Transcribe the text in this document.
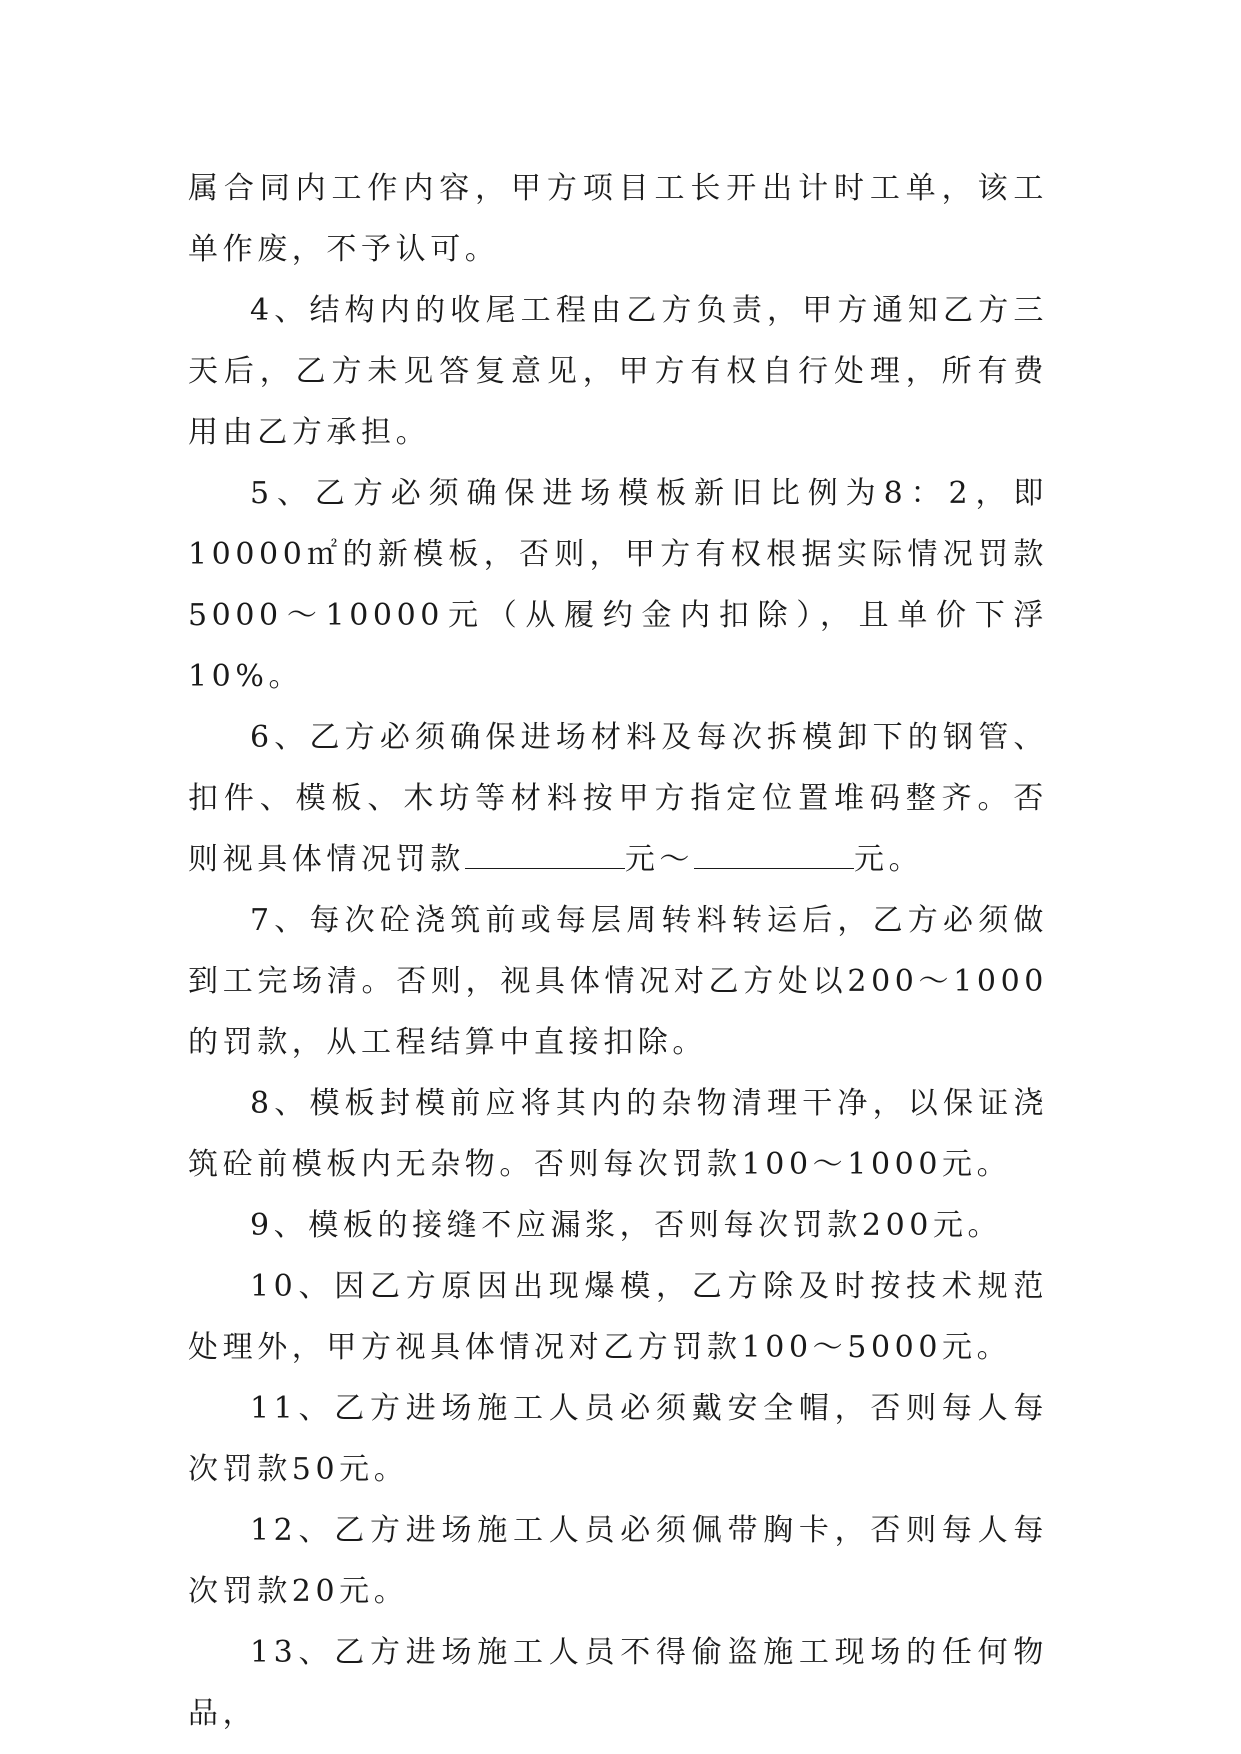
属合同内工作内容，甲方项目工长开出计时工单，该工单作废，不予认可。

4、结构内的收尾工程由乙方负责，甲方通知乙方三天后，乙方未见答复意见，甲方有权自行处理，所有费用由乙方承担。

5、乙方必须确保进场模板新旧比例为8：2，即10000㎡的新模板，否则，甲方有权根据实际情况罚款5000～10000元（从履约金内扣除），且单价下浮10%。

6、乙方必须确保进场材料及每次拆模卸下的钢管、扣件、模板、木坊等材料按甲方指定位置堆码整齐。否则视具体情况罚款	元～	元。

7、每次砼浇筑前或每层周转料转运后，乙方必须做到工完场清。否则，视具体情况对乙方处以200～1000的罚款，从工程结算中直接扣除。

8、模板封模前应将其内的杂物清理干净，以保证浇筑砼前模板内无杂物。否则每次罚款100～1000元。

9、模板的接缝不应漏浆，否则每次罚款200元。

10、因乙方原因出现爆模，乙方除及时按技术规范处理外，甲方视具体情况对乙方罚款100～5000元。

11、乙方进场施工人员必须戴安全帽，否则每人每次罚款50元。

12、乙方进场施工人员必须佩带胸卡，否则每人每次罚款20元。

13、乙方进场施工人员不得偷盗施工现场的任何物品，
